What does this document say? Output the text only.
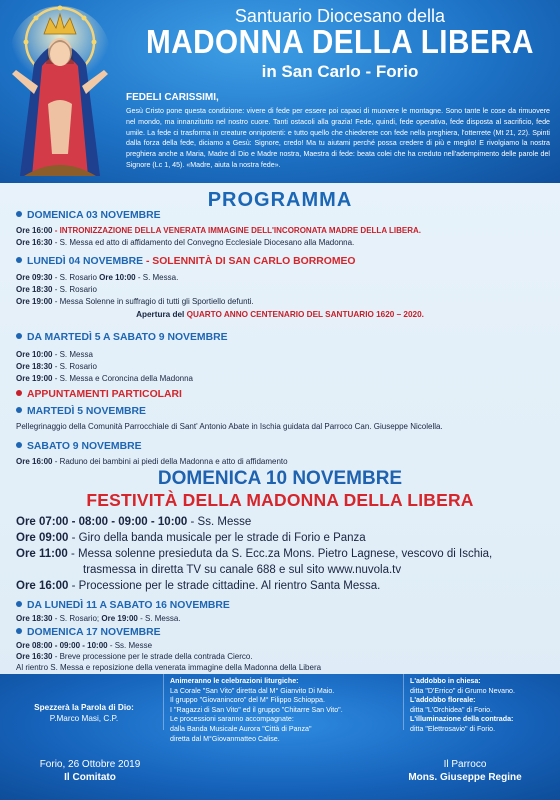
Santuario Diocesano della
MADONNA DELLA LIBERA
in San Carlo - Forio
FEDELI CARISSIMI,
Gesù Cristo pone questa condizione: vivere di fede per essere poi capaci di muovere le montagne. Sono tante le cose da rimuovere nel mondo, ma innanzitutto nel nostro cuore. Tanti ostacoli alla grazia! Fede, quindi, fede operativa, fede disposta al sacrificio, fede umile. La fede ci trasforma in creature onnipotenti: e tutto quello che chiederete con fede nella preghiera, l'otterrete (Mt 21, 22). Spinti dalla forza della fede, diciamo a Gesù: Signore, credo! Ma tu aiutami perché possa credere di più e meglio! E rivolgiamo la nostra preghiera anche a Maria, Madre di Dio e Madre nostra, Maestra di fede: beata colei che ha creduto nell'adempimento delle parole del Signore (Lc 1, 45). «Madre, aiuta la nostra fede».
PROGRAMMA
DOMENICA 03 NOVEMBRE
Ore 16:00 - INTRONIZZAZIONE DELLA VENERATA IMMAGINE DELL'INCORONATA MADRE DELLA LIBERA.
Ore 16:30 - S. Messa ed atto di affidamento del Convegno Ecclesiale Diocesano alla Madonna.
LUNEDÌ 04 NOVEMBRE - SOLENNITÀ DI SAN CARLO BORROMEO
Ore 09:30 - S. Rosario Ore 10:00 - S. Messa.
Ore 18:30 - S. Rosario
Ore 19:00 - Messa Solenne in suffragio di tutti gli Sportiello defunti.
Apertura del QUARTO ANNO CENTENARIO DEL SANTUARIO 1620 – 2020.
DA MARTEDÌ 5 A SABATO 9 NOVEMBRE
Ore 10:00 - S. Messa
Ore 18:30 - S. Rosario
Ore 19:00 - S. Messa e Coroncina della Madonna
APPUNTAMENTI PARTICOLARI
MARTEDÌ 5 NOVEMBRE
Pellegrinaggio della Comunità Parrocchiale di Sant' Antonio Abate in Ischia guidata dal Parroco Can. Giuseppe Nicolella.
SABATO 9 NOVEMBRE
Ore 16:00 - Raduno dei bambini ai piedi della Madonna e atto di affidamento
DOMENICA 10 NOVEMBRE
FESTIVITÀ DELLA MADONNA DELLA LIBERA
Ore 07:00 - 08:00 - 09:00 - 10:00 - Ss. Messe
Ore 09:00 - Giro della banda musicale per le strade di Forio e Panza
Ore 11:00 - Messa solenne presieduta da S. Ecc.za Mons. Pietro Lagnese, vescovo di Ischia,
trasmessa in diretta TV su canale 688 e sul sito www.nuvola.tv
Ore 16:00 - Processione per le strade cittadine. Al rientro Santa Messa.
DA LUNEDÌ 11 A SABATO 16 NOVEMBRE
Ore 18:30 - S. Rosario; Ore 19:00 - S. Messa.
DOMENICA 17 NOVEMBRE
Ore 08:00 - 09:00 - 10:00 - Ss. Messe
Ore 16:30 - Breve processione per le strade della contrada Cierco.
Al rientro S. Messa e reposizione della venerata immagine della Madonna della Libera
Spezzerà la Parola di Dio:
P.Marco Masi, C.P.
Animeranno le celebrazioni liturgiche:
La Corale "San Vito" diretta dal M° Gianvito Di Maio.
Il gruppo "Giovanincoro" del M° Filippo Schioppa.
I "Ragazzi di San Vito" ed il gruppo "Chitarre San Vito".
Le processioni saranno accompagnate:
dalla Banda Musicale Aurora "Città di Panza"
diretta dal M°Giovanmatteo Calise.
L'addobbo in chiesa:
ditta "D'Errico" di Grumo Nevano.
L'addobbo floreale:
ditta "L'Orchidea" di Forio.
L'illuminazione della contrada:
ditta "Elettrosavio" di Forio.
Forio, 26 Ottobre 2019
Il Comitato
Il Parroco
Mons. Giuseppe Regine
